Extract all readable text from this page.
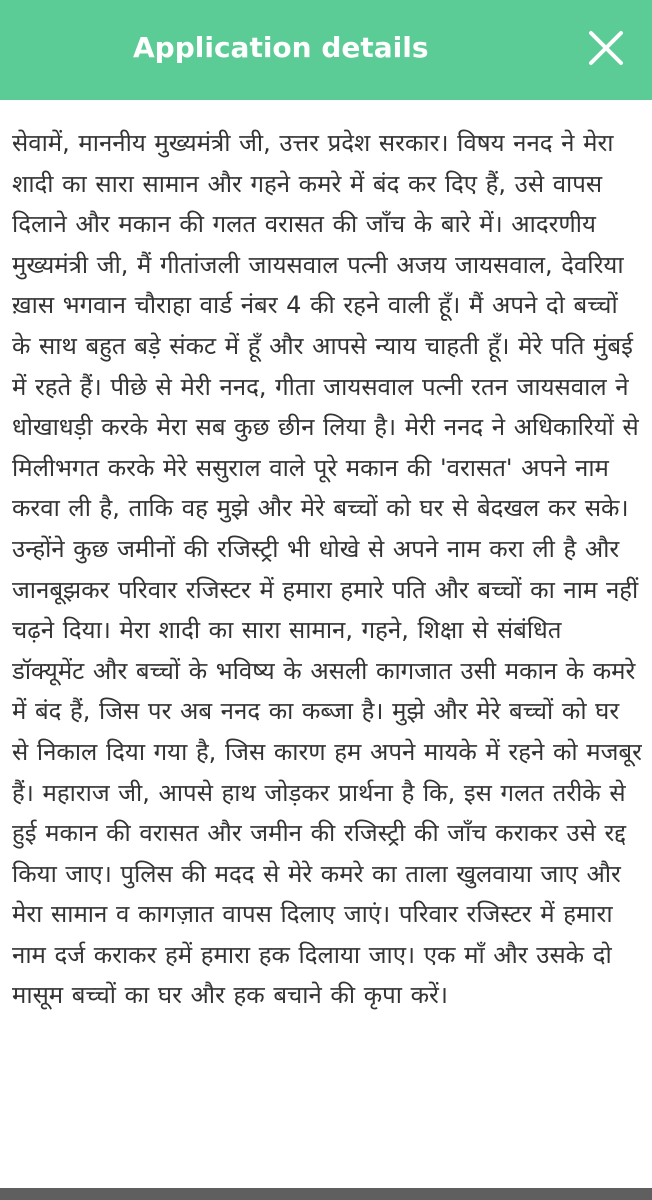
Application details

सेवामें, माननीय मुख्यमंत्री जी, उत्तर प्रदेश सरकार। विषय ननद ने मेरा शादी का सारा सामान और गहने कमरे में बंद कर दिए हैं, उसे वापस दिलाने और मकान की गलत वरासत की जाँच के बारे में। आदरणीय मुख्यमंत्री जी, मैं गीतांजली जायसवाल पत्नी अजय जायसवाल, देवरिया ख़ास भगवान चौराहा वार्ड नंबर 4 की रहने वाली हूँ। मैं अपने दो बच्चों के साथ बहुत बड़े संकट में हूँ और आपसे न्याय चाहती हूँ। मेरे पति मुंबई में रहते हैं। पीछे से मेरी ननद, गीता जायसवाल पत्नी रतन जायसवाल ने धोखाधड़ी करके मेरा सब कुछ छीन लिया है। मेरी ननद ने अधिकारियों से मिलीभगत करके मेरे ससुराल वाले पूरे मकान की 'वरासत' अपने नाम करवा ली है, ताकि वह मुझे और मेरे बच्चों को घर से बेदखल कर सके। उन्होंने कुछ जमीनों की रजिस्ट्री भी धोखे से अपने नाम करा ली है और जानबूझकर परिवार रजिस्टर में हमारा हमारे पति और बच्चों का नाम नहीं चढ़ने दिया। मेरा शादी का सारा सामान, गहने, शिक्षा से संबंधित डॉक्यूमेंट और बच्चों के भविष्य के असली कागजात उसी मकान के कमरे में बंद हैं, जिस पर अब ननद का कब्जा है। मुझे और मेरे बच्चों को घर से निकाल दिया गया है, जिस कारण हम अपने मायके में रहने को मजबूर हैं। महाराज जी, आपसे हाथ जोड़कर प्रार्थना है कि, इस गलत तरीके से हुई मकान की वरासत और जमीन की रजिस्ट्री की जाँच कराकर उसे रद्द किया जाए। पुलिस की मदद से मेरे कमरे का ताला खुलवाया जाए और मेरा सामान व कागज़ात वापस दिलाए जाएं। परिवार रजिस्टर में हमारा नाम दर्ज कराकर हमें हमारा हक दिलाया जाए। एक माँ और उसके दो मासूम बच्चों का घर और हक बचाने की कृपा करें।
